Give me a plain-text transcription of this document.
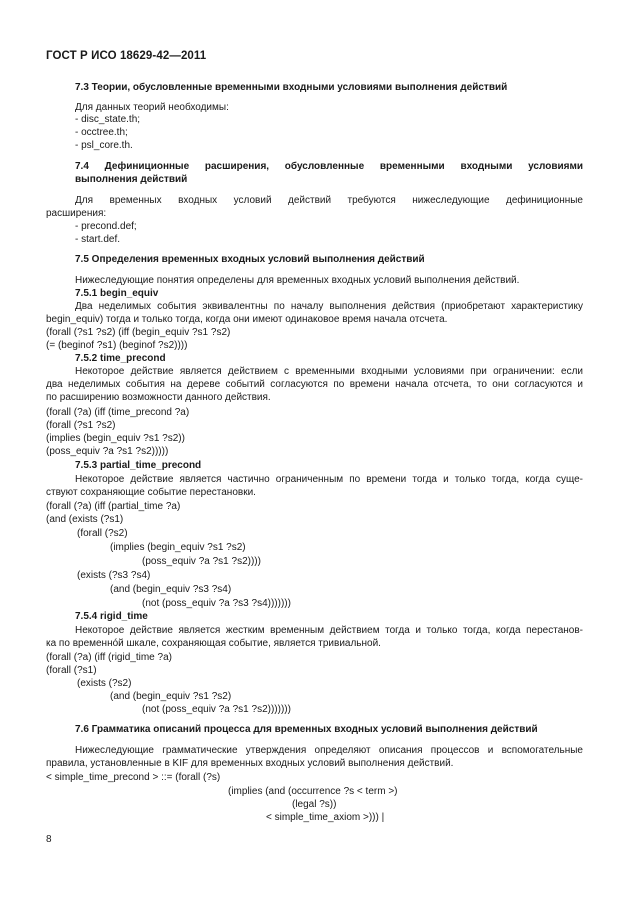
ГОСТ Р ИСО 18629-42—2011
7.3 Теории, обусловленные временными входными условиями выполнения действий
Для данных теорий необходимы:
- disc_state.th;
- occtree.th;
- psl_core.th.
7.4 Дефиниционные расширения, обусловленные временными входными условиями
выполнения действий
Для временных входных условий действий требуются нижеследующие дефиниционные
расширения:
- precond.def;
- start.def.
7.5 Определения временных входных условий выполнения действий
Нижеследующие понятия определены для временных входных условий выполнения действий.
7.5.1 begin_equiv
Два неделимых события эквивалентны по началу выполнения действия (приобретают характеристику
begin_equiv) тогда и только тогда, когда они имеют одинаковое время начала отсчета.
(forall (?s1 ?s2) (iff (begin_equiv ?s1 ?s2)
(= (beginof ?s1) (beginof ?s2))))
7.5.2 time_precond
Некоторое действие является действием с временными входными условиями при ограничении: если
два неделимых события на дереве событий согласуются по времени начала отсчета, то они согласуются и
по расширению возможности данного действия.
(forall (?a) (iff (time_precond ?a)
(forall (?s1 ?s2)
(implies (begin_equiv ?s1 ?s2))
(poss_equiv ?a ?s1 ?s2)))))
7.5.3 partial_time_precond
Некоторое действие является частично ограниченным по времени тогда и только тогда, когда суще-
ствуют сохраняющие событие перестановки.
(forall (?a) (iff (partial_time ?a)
(and (exists (?s1)
(forall (?s2)
(implies (begin_equiv ?s1 ?s2)
(poss_equiv ?a ?s1 ?s2))))
(exists (?s3 ?s4)
(and (begin_equiv ?s3 ?s4)
(not (poss_equiv ?a ?s3 ?s4)))))))
7.5.4 rigid_time
Некоторое действие является жестким временным действием тогда и только тогда, когда перестанов-
ка по временнóй шкале, сохраняющая событие, является тривиальной.
(forall (?a) (iff (rigid_time ?a)
(forall (?s1)
(exists (?s2)
(and (begin_equiv ?s1 ?s2)
(not (poss_equiv ?a ?s1 ?s2)))))))
7.6 Грамматика описаний процесса для временных входных условий выполнения действий
Нижеследующие грамматические утверждения определяют описания процессов и вспомогательные
правила, установленные в KIF для временных входных условий выполнения действий.
< simple_time_precond > ::= (forall (?s)
(implies (and (occurrence ?s < term >)
(legal ?s))
< simple_time_axiom >))) |
8
